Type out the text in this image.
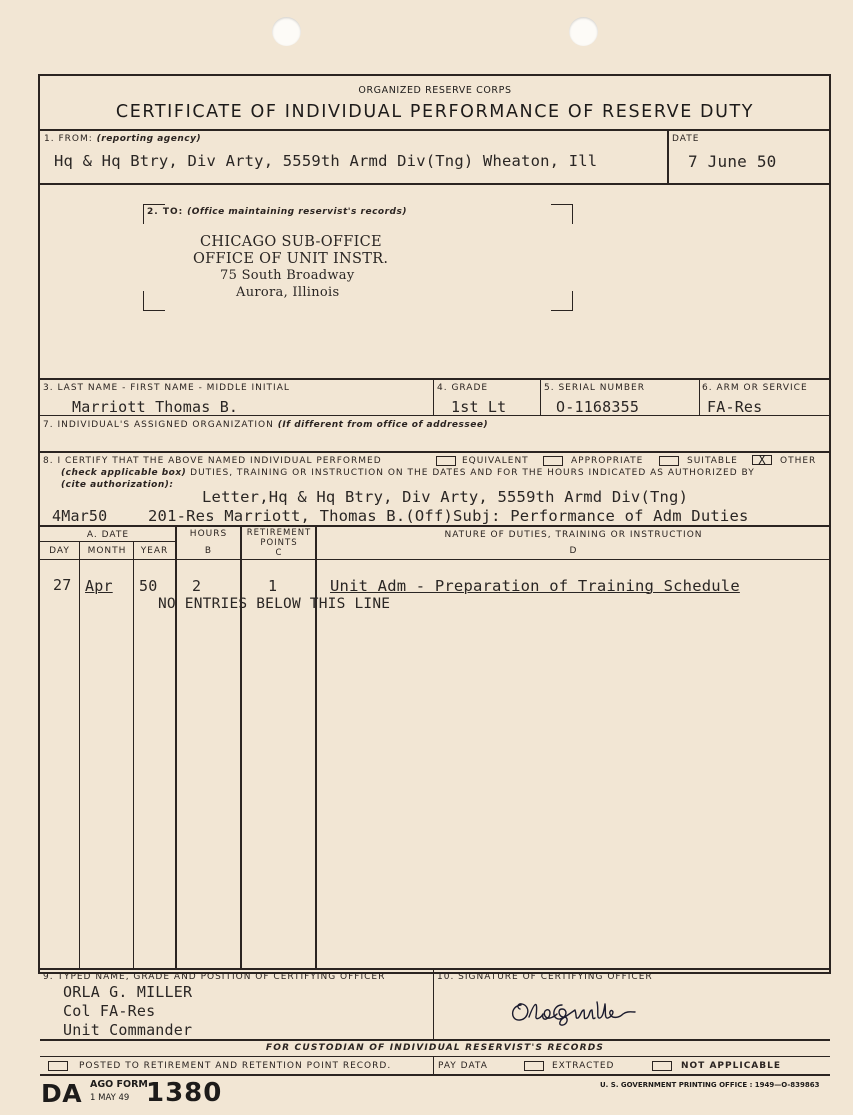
ORGANIZED RESERVE CORPS
CERTIFICATE OF INDIVIDUAL PERFORMANCE OF RESERVE DUTY
1. FROM: (reporting agency)
Hq & Hq Btry, Div Arty, 5559th Armd Div(Tng) Wheaton, Ill
DATE
7 June 50
2. TO: (Office maintaining reservist's records)
CHICAGO SUB-OFFICE
OFFICE OF UNIT INSTR.
75 South Broadway
Aurora, Illinois
3. LAST NAME - FIRST NAME - MIDDLE INITIAL
Marriott Thomas B.
4. GRADE
1st Lt
5. SERIAL NUMBER
O-1168355
6. ARM OR SERVICE
FA-Res
7. INDIVIDUAL'S ASSIGNED ORGANIZATION (If different from office of addressee)
8. I CERTIFY THAT THE ABOVE NAMED INDIVIDUAL PERFORMED	EQUIVALENT	APPROPRIATE	SUITABLE	X	OTHER
(check applicable box) DUTIES, TRAINING OR INSTRUCTION ON THE DATES AND FOR THE HOURS INDICATED AS AUTHORIZED BY
(cite authorization):
Letter,Hq & Hq Btry, Div Arty, 5559th Armd Div(Tng)
4Mar50	201-Res Marriott, Thomas B.(Off)Subj: Performance of Adm Duties
A. DATE
DAY	MONTH	YEAR
HOURS
B
RETIREMENT
POINTS
C
NATURE OF DUTIES, TRAINING OR INSTRUCTION
D
27 Apr 50 2	1	Unit Adm - Preparation of Training Schedule
NO ENTRIES BELOW THIS LINE
9. TYPED NAME, GRADE AND POSITION OF CERTIFYING OFFICER
ORLA G. MILLER
Col FA-Res
Unit Commander
10. SIGNATURE OF CERTIFYING OFFICER
FOR CUSTODIAN OF INDIVIDUAL RESERVIST'S RECORDS
POSTED TO RETIREMENT AND RETENTION POINT RECORD.	PAY DATA	EXTRACTED	NOT APPLICABLE
DA AGO FORM
1 MAY 49 1380	U. S. GOVERNMENT PRINTING OFFICE : 1949—O-839863
